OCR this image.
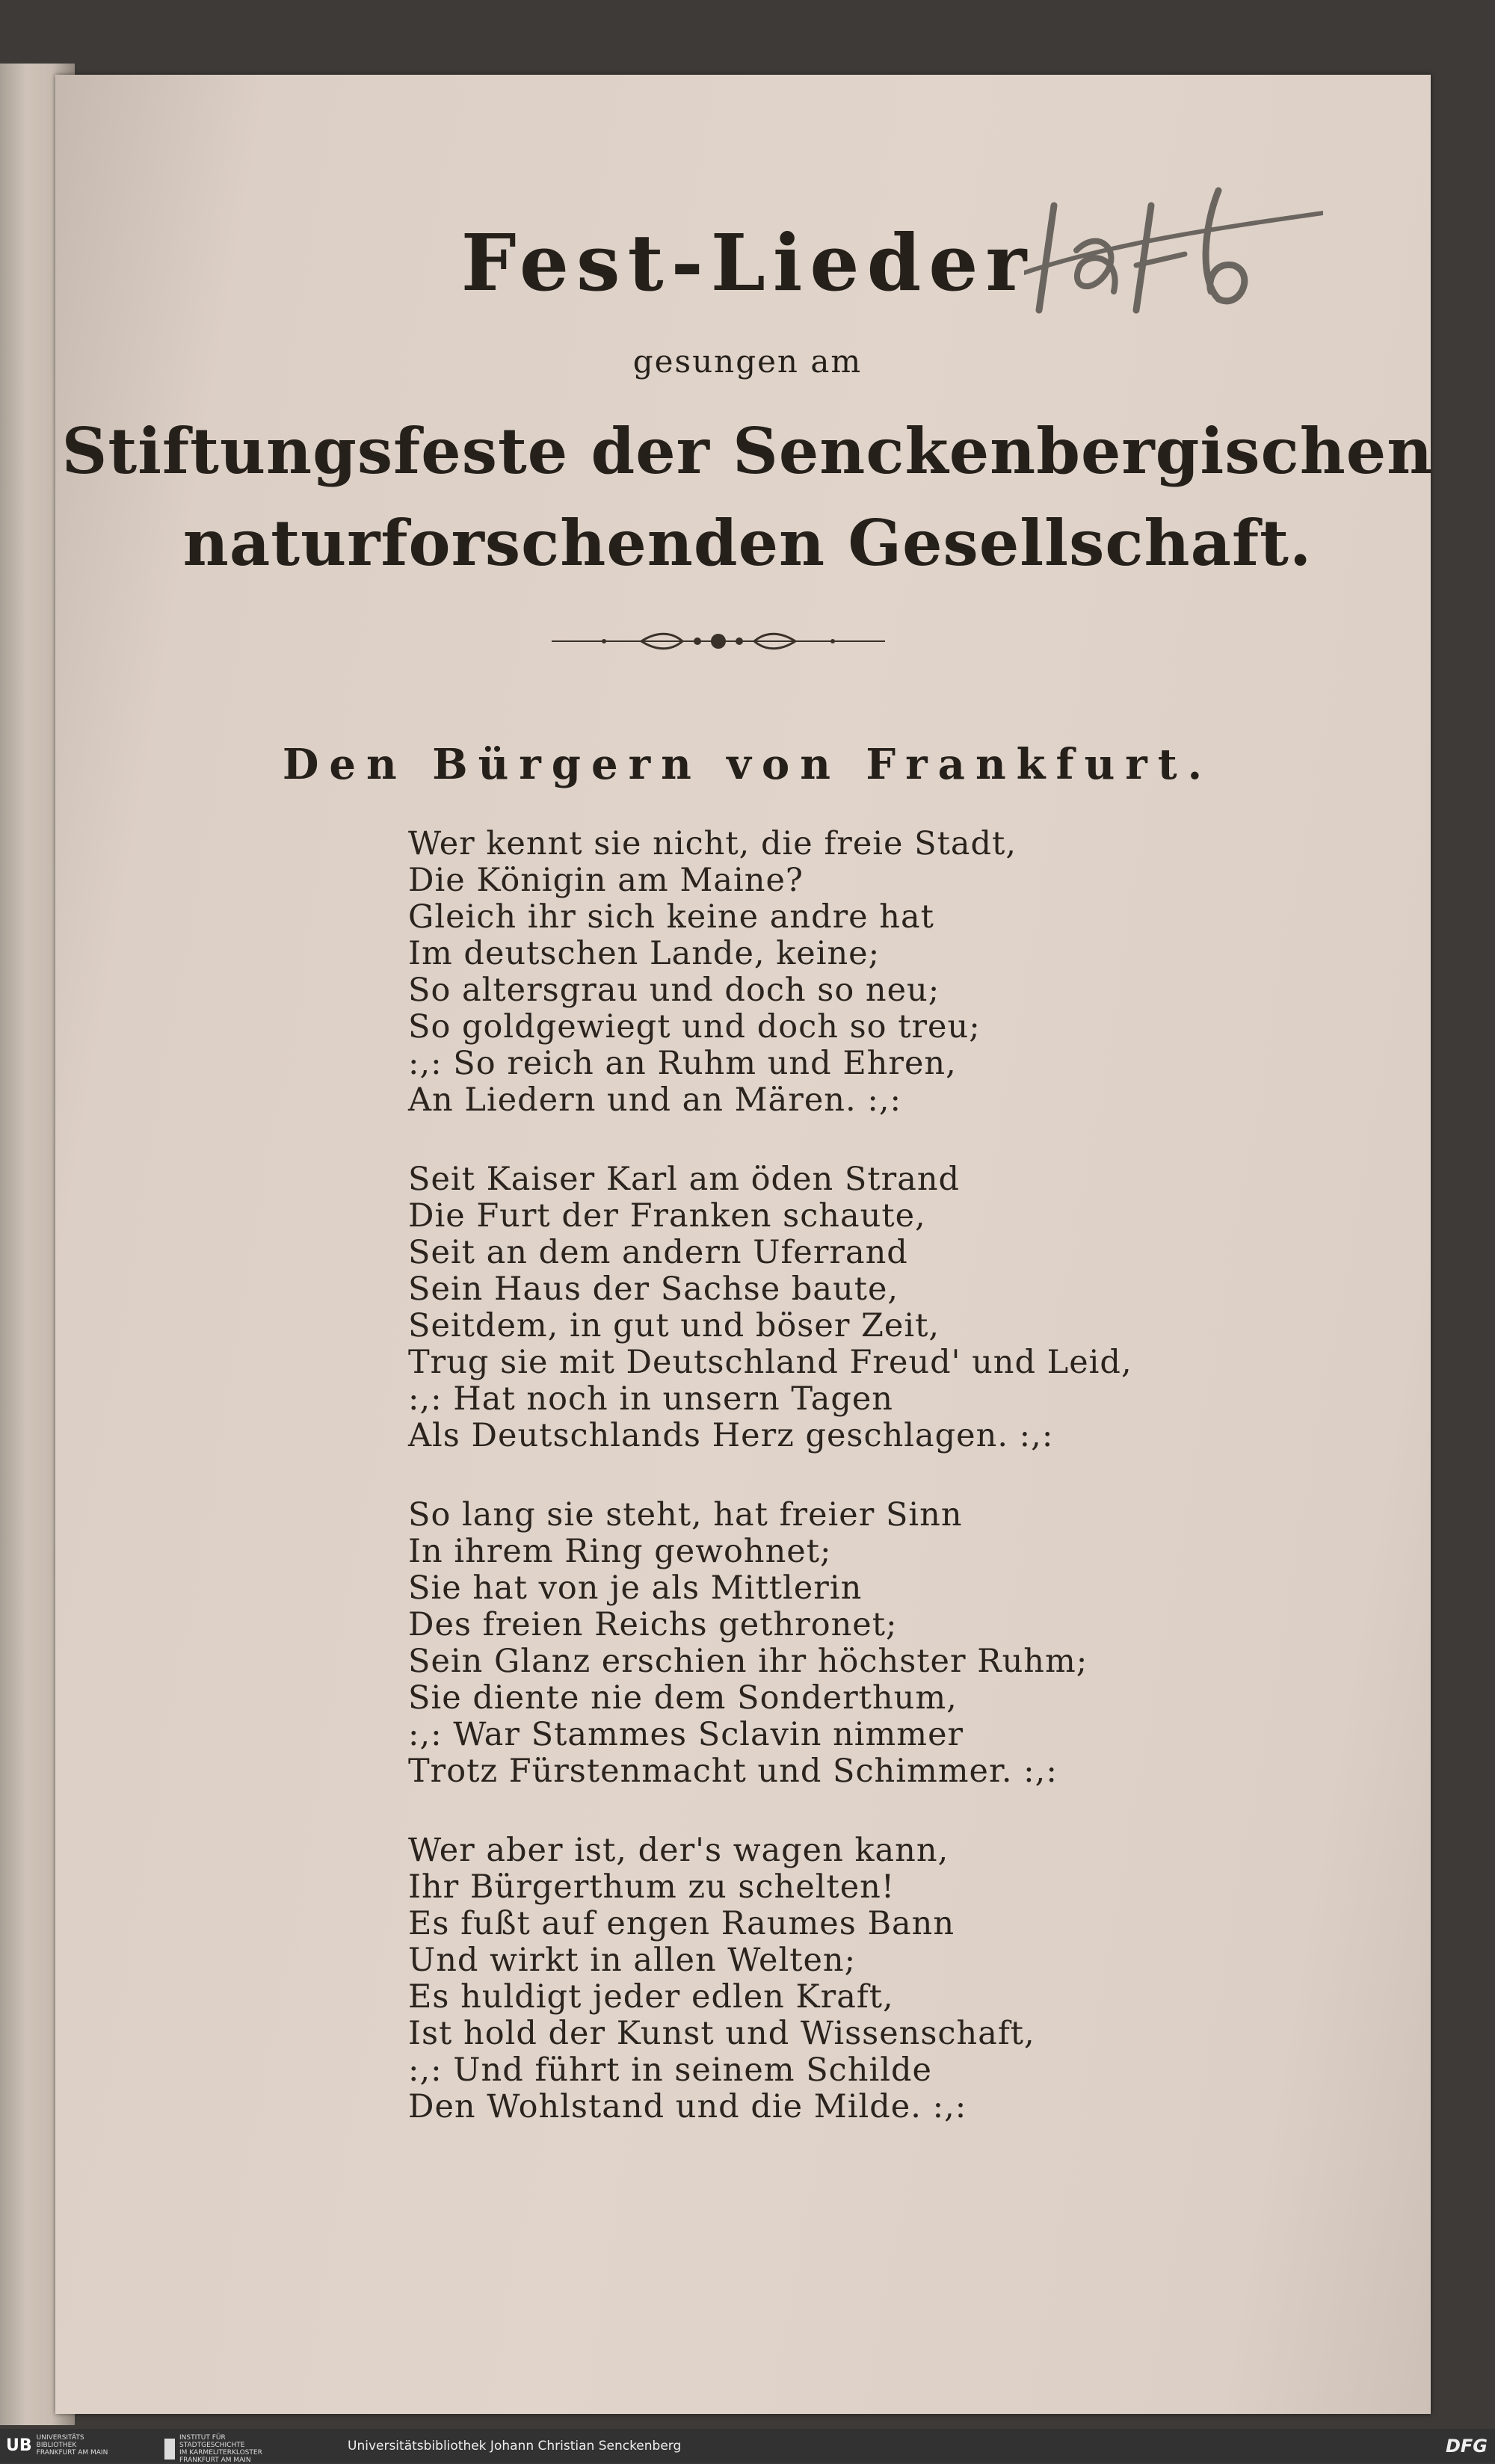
Fest-Lieder
gesungen am
Stiftungsfeste der Senckenbergischen
naturforschenden Gesellschaft.
Den Bürgern von Frankfurt.
Wer kennt sie nicht, die freie Stadt,
Die Königin am Maine?
Gleich ihr sich keine andre hat
Im deutschen Lande, keine;
So altersgrau und doch so neu;
So goldgewiegt und doch so treu;
:,: So reich an Ruhm und Ehren,
An Liedern und an Mären. :,:
Seit Kaiser Karl am öden Strand
Die Furt der Franken schaute,
Seit an dem andern Uferrand
Sein Haus der Sachse baute,
Seitdem, in gut und böser Zeit,
Trug sie mit Deutschland Freud' und Leid,
:,: Hat noch in unsern Tagen
Als Deutschlands Herz geschlagen. :,:
So lang sie steht, hat freier Sinn
In ihrem Ring gewohnet;
Sie hat von je als Mittlerin
Des freien Reichs gethronet;
Sein Glanz erschien ihr höchster Ruhm;
Sie diente nie dem Sonderthum,
:,: War Stammes Sclavin nimmer
Trotz Fürstenmacht und Schimmer. :,:
Wer aber ist, der's wagen kann,
Ihr Bürgerthum zu schelten!
Es fußt auf engen Raumes Bann
Und wirkt in allen Welten;
Es huldigt jeder edlen Kraft,
Ist hold der Kunst und Wissenschaft,
:,: Und führt in seinem Schilde
Den Wohlstand und die Milde. :,:
UB UNIVERSITÄTS
BIBLIOTHEK
FRANKFURT AM MAIN
INSTITUT FÜR
STADTGESCHICHTE
IM KARMELITERKLOSTER
FRANKFURT AM MAIN
Universitätsbibliothek Johann Christian Senckenberg	DFG
